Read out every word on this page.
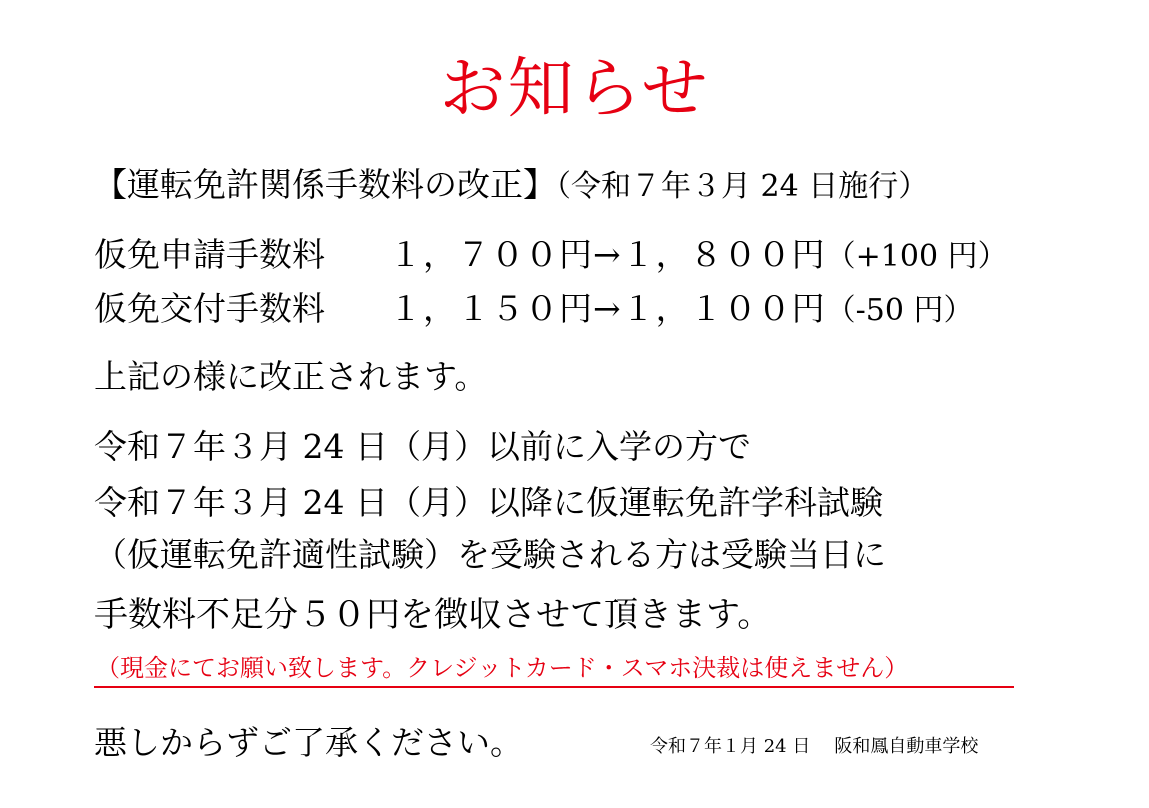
お知らせ
【運転免許関係手数料の改正】（令和７年３月 24 日施行）
仮免申請手数料 １，７００円→１，８００円（+100 円）
仮免交付手数料 １，１５０円→１，１００円（-50 円）
上記の様に改正されます。
令和７年３月 24 日（月）以前に入学の方で
令和７年３月 24 日（月）以降に仮運転免許学科試験
（仮運転免許適性試験）を受験される方は受験当日に
手数料不足分５０円を徴収させて頂きます。
（現金にてお願い致します。クレジットカード・スマホ決裁は使えません）
悪しからずご了承ください。	令和７年１月 24 日 阪和鳳自動車学校
